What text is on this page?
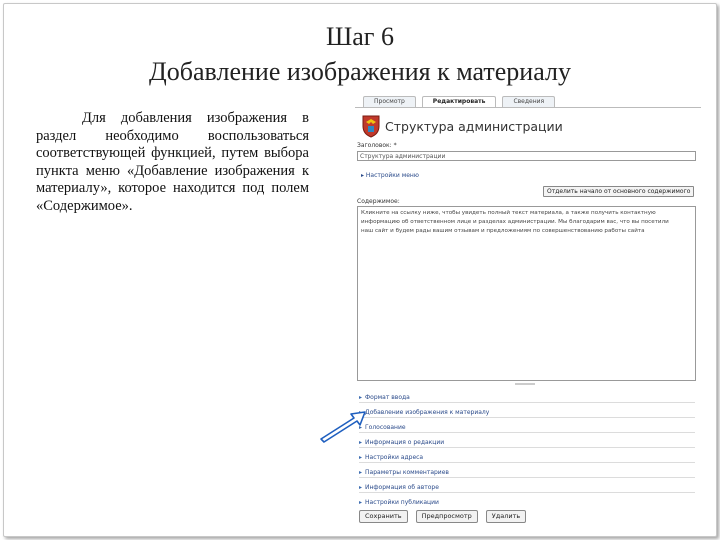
Шаг 6
Добавление изображения к материалу
Для добавления изображения в раздел необходимо воспользоваться соответствующей функцией, путем выбора пункта меню «Добавление изображения к материалу», которое находится под полем «Содержимое».
Просмотр	Редактировать	Сведения
Структура администрации
Заголовок: *
Структура администрации
▸ Настройки меню
Отделить начало от основного содержимого
Содержимое:
Кликните на ссылку ниже, чтобы увидеть полный текст материала, а также получить контактную
информацию об ответственном лице и разделах администрации. Мы благодарим вас, что вы посетили
наш сайт и будем рады вашим отзывам и предложениям по совершенствованию работы сайта
▸ Формат ввода
Добавление изображения к материалу
▸ Голосование
▸ Информация о редакции
▸ Настройки адреса
▸ Параметры комментариев
▸ Информация об авторе
▸ Настройки публикации
Сохранить	Предпросмотр	Удалить
